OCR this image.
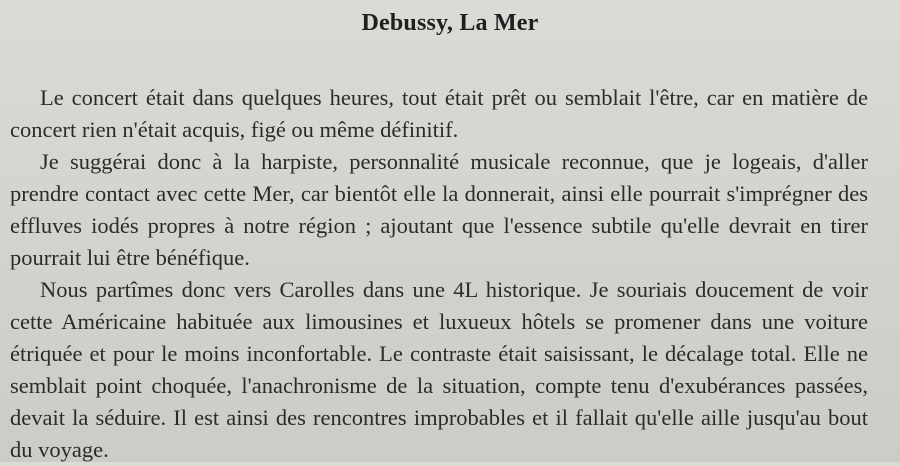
Debussy, La Mer

Le concert était dans quelques heures, tout était prêt ou semblait l'être, car en matière de
concert rien n'était acquis, figé ou même définitif.

Je suggérai donc à la harpiste, personnalité musicale reconnue, que je logeais, d'aller
prendre contact avec cette Mer, car bientôt elle la donnerait, ainsi elle pourrait s'imprégner des
effluves iodés propres à notre région ; ajoutant que l'essence subtile qu'elle devrait en tirer
pourrait lui être bénéfique.

Nous partîmes donc vers Carolles dans une 4L historique. Je souriais doucement de voir
cette Américaine habituée aux limousines et luxueux hôtels se promener dans une voiture
étriquée et pour le moins inconfortable. Le contraste était saisissant, le décalage total. Elle ne
semblait point choquée, l'anachronisme de la situation, compte tenu d'exubérances passées,
devait la séduire. Il est ainsi des rencontres improbables et il fallait qu'elle aille jusqu'au bout
du voyage.
